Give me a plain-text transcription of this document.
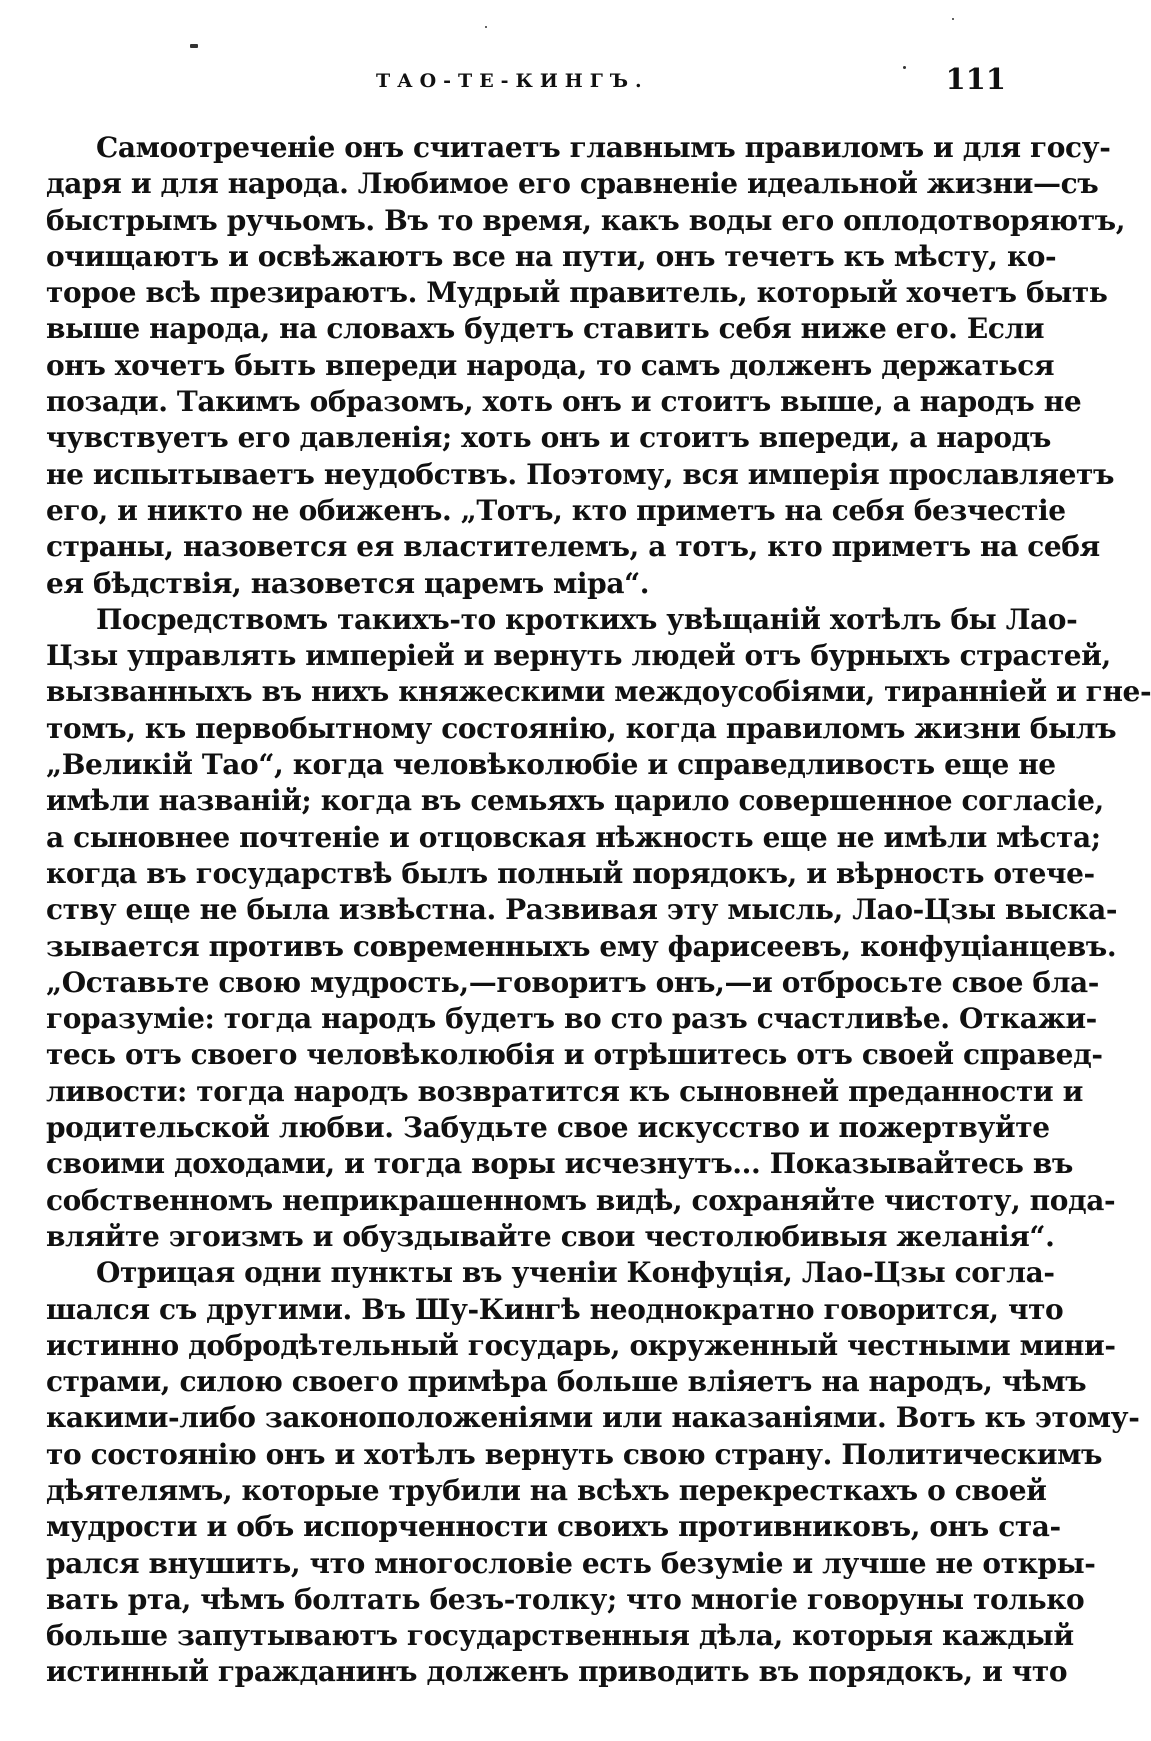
ТАО-ТЕ-КИНГЪ.	111
Самоотреченіе онъ считаетъ главнымъ правиломъ и для госу-
даря и для народа. Любимое его сравненіе идеальной жизни—съ
быстрымъ ручьомъ. Въ то время, какъ воды его оплодотворяютъ,
очищаютъ и освѣжаютъ все на пути, онъ течетъ къ мѣсту, ко-
торое всѣ презираютъ. Мудрый правитель, который хочетъ быть
выше народа, на словахъ будетъ ставить себя ниже его. Если
онъ хочетъ быть впереди народа, то самъ долженъ держаться
позади. Такимъ образомъ, хоть онъ и стоитъ выше, а народъ не
чувствуетъ его давленія; хоть онъ и стоитъ впереди, а народъ
не испытываетъ неудобствъ. Поэтому, вся имперія прославляетъ
его, и никто не обиженъ. „Тотъ, кто приметъ на себя безчестіе
страны, назовется ея властителемъ, а тотъ, кто приметъ на себя
ея бѣдствія, назовется царемъ міра“.
Посредствомъ такихъ-то кроткихъ увѣщаній хотѣлъ бы Лао-
Цзы управлять имперіей и вернуть людей отъ бурныхъ страстей,
вызванныхъ въ нихъ княжескими междоусобіями, тиранніей и гне-
томъ, къ первобытному состоянію, когда правиломъ жизни былъ
„Великій Тао“, когда человѣколюбіе и справедливость еще не
имѣли названій; когда въ семьяхъ царило совершенное согласіе,
а сыновнее почтеніе и отцовская нѣжность еще не имѣли мѣста;
когда въ государствѣ былъ полный порядокъ, и вѣрность отече-
ству еще не была извѣстна. Развивая эту мысль, Лао-Цзы выска-
зывается противъ современныхъ ему фарисеевъ, конфуціанцевъ.
„Оставьте свою мудрость,—говоритъ онъ,—и отбросьте свое бла-
горазуміе: тогда народъ будетъ во сто разъ счастливѣе. Откажи-
тесь отъ своего человѣколюбія и отрѣшитесь отъ своей справед-
ливости: тогда народъ возвратится къ сыновней преданности и
родительской любви. Забудьте свое искусство и пожертвуйте
своими доходами, и тогда воры исчезнутъ... Показывайтесь въ
собственномъ неприкрашенномъ видѣ, сохраняйте чистоту, пода-
вляйте эгоизмъ и обуздывайте свои честолюбивыя желанія“.
Отрицая одни пункты въ ученіи Конфуція, Лао-Цзы согла-
шался съ другими. Въ Шу-Кингѣ неоднократно говорится, что
истинно добродѣтельный государь, окруженный честными мини-
страми, силою своего примѣра больше вліяетъ на народъ, чѣмъ
какими-либо законоположеніями или наказаніями. Вотъ къ этому-
то состоянію онъ и хотѣлъ вернуть свою страну. Политическимъ
дѣятелямъ, которые трубили на всѣхъ перекресткахъ о своей
мудрости и объ испорченности своихъ противниковъ, онъ ста-
рался внушить, что многословіе есть безуміе и лучше не откры-
вать рта, чѣмъ болтать безъ-толку; что многіе говоруны только
больше запутываютъ государственныя дѣла, которыя каждый
истинный гражданинъ долженъ приводить въ порядокъ, и что
